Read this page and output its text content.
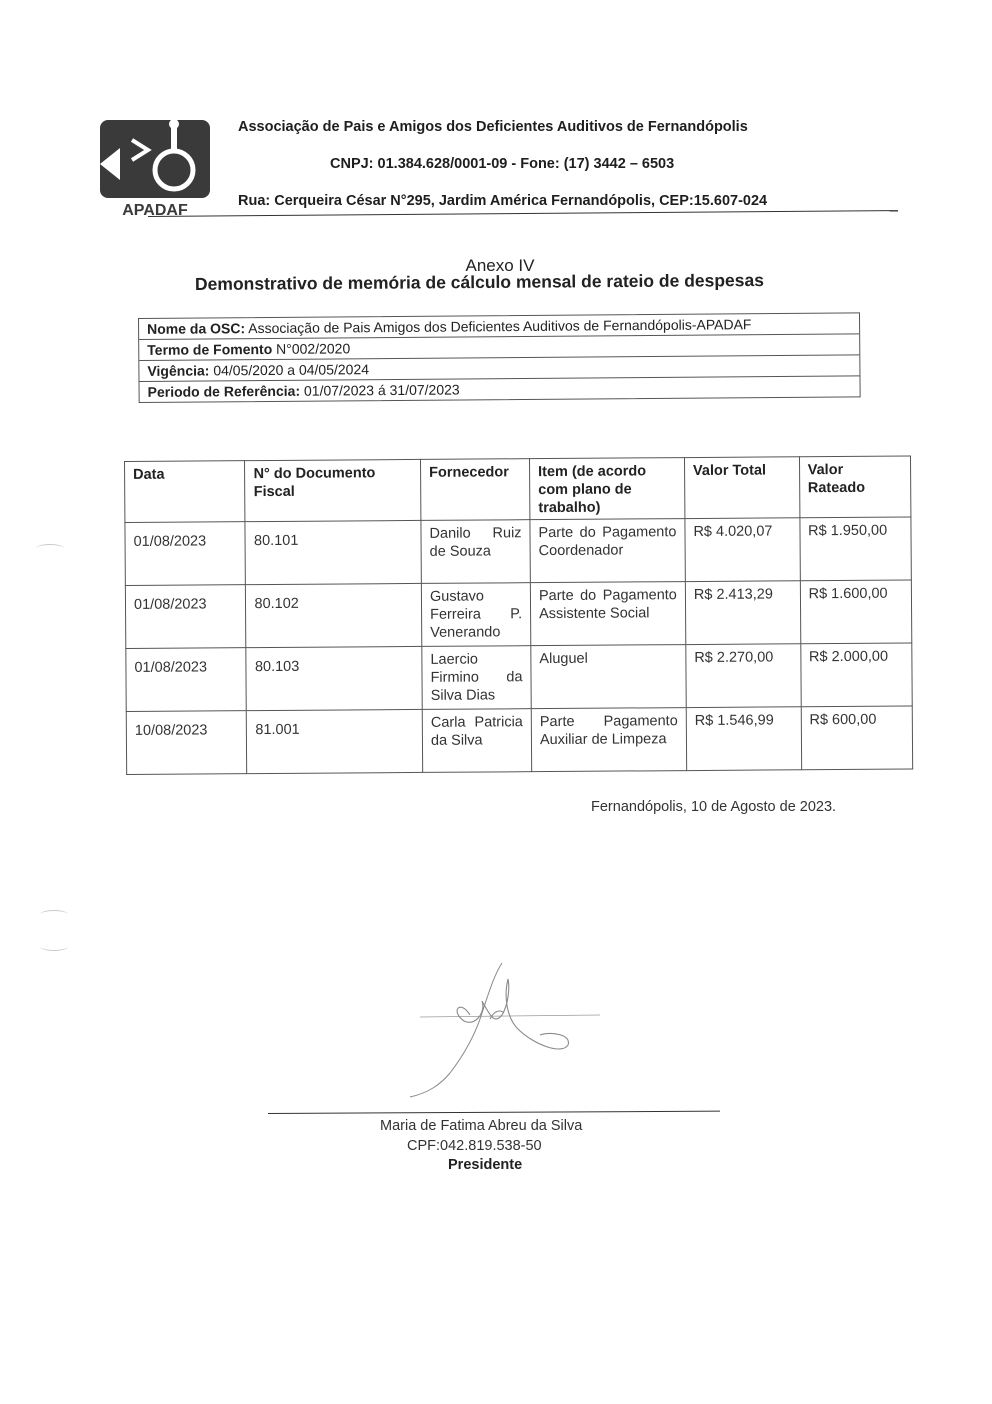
APADAF
Associação de Pais e Amigos dos Deficientes Auditivos de Fernandópolis
CNPJ: 01.384.628/0001-09 - Fone: (17) 3442 – 6503
Rua: Cerqueira César N°295, Jardim América Fernandópolis, CEP:15.607-024
Anexo IV
Demonstrativo de memória de cálculo mensal de rateio de despesas
Nome da OSC: Associação de Pais Amigos dos Deficientes Auditivos de Fernandópolis-APADAF
Termo de Fomento N°002/2020
Vigência: 04/05/2020 a 04/05/2024
Periodo de Referência: 01/07/2023 á 31/07/2023
Data	N° do Documento Fiscal	Fornecedor	Item (de acordo com plano de trabalho)	Valor Total	Valor Rateado
01/08/2023	80.101	Danilo Ruiz de Souza	Parte do Pagamento Coordenador	R$ 4.020,07	R$ 1.950,00
01/08/2023	80.102	Gustavo Ferreira P. Venerando	Parte do Pagamento Assistente Social	R$ 2.413,29	R$ 1.600,00
01/08/2023	80.103	Laercio Firmino da Silva Dias	Aluguel	R$ 2.270,00	R$ 2.000,00
10/08/2023	81.001	Carla Patricia da Silva	Parte Pagamento Auxiliar de Limpeza	R$ 1.546,99	R$ 600,00
Fernandópolis, 10 de Agosto de 2023.
Maria de Fatima Abreu da Silva
CPF:042.819.538-50
Presidente
